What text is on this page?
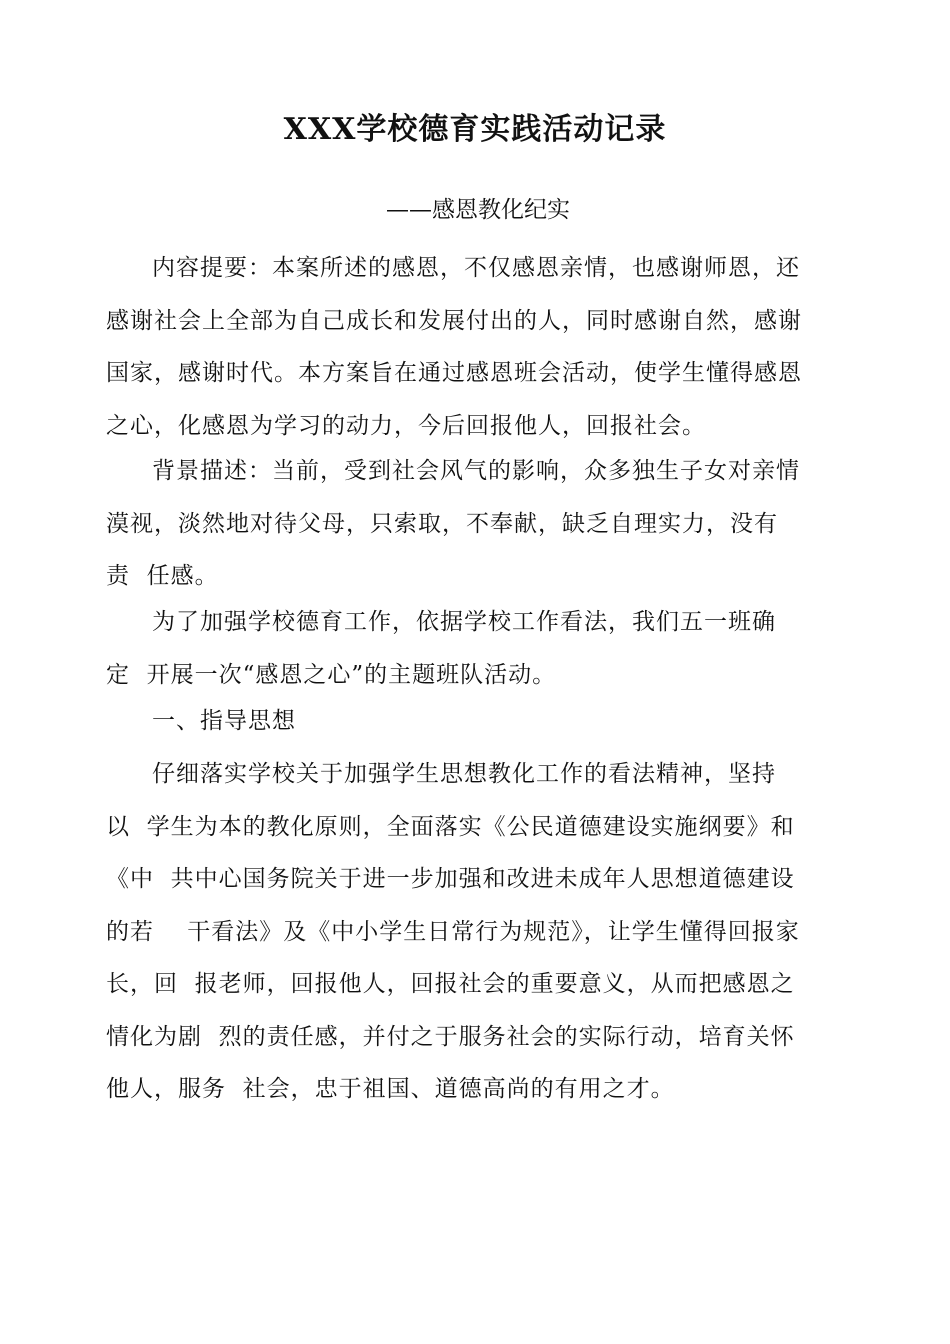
XXX学校德育实践活动记录

——感恩教化纪实

内容提要：本案所述的感恩，不仅感恩亲情，也感谢师恩，还
感谢社会上全部为自己成长和发展付出的人，同时感谢自然，感谢
国家，感谢时代。本方案旨在通过感恩班会活动，使学生懂得感恩
之心，化感恩为学习的动力，今后回报他人，回报社会。

背景描述：当前，受到社会风气的影响，众多独生子女对亲情
漠视，淡然地对待父母，只索取，不奉献，缺乏自理实力，没有
责  任感。

为了加强学校德育工作，依据学校工作看法，我们五一班确
定  开展一次“感恩之心”的主题班队活动。

一、指导思想

仔细落实学校关于加强学生思想教化工作的看法精神，坚持
以  学生为本的教化原则，全面落实《公民道德建设实施纲要》和
《中  共中心国务院关于进一步加强和改进未成年人思想道德建设
的若    干看法》及《中小学生日常行为规范》，让学生懂得回报家
长，回  报老师，回报他人，回报社会的重要意义，从而把感恩之
情化为剧  烈的责任感，并付之于服务社会的实际行动，培育关怀
他人，服务  社会，忠于祖国、道德高尚的有用之才。
